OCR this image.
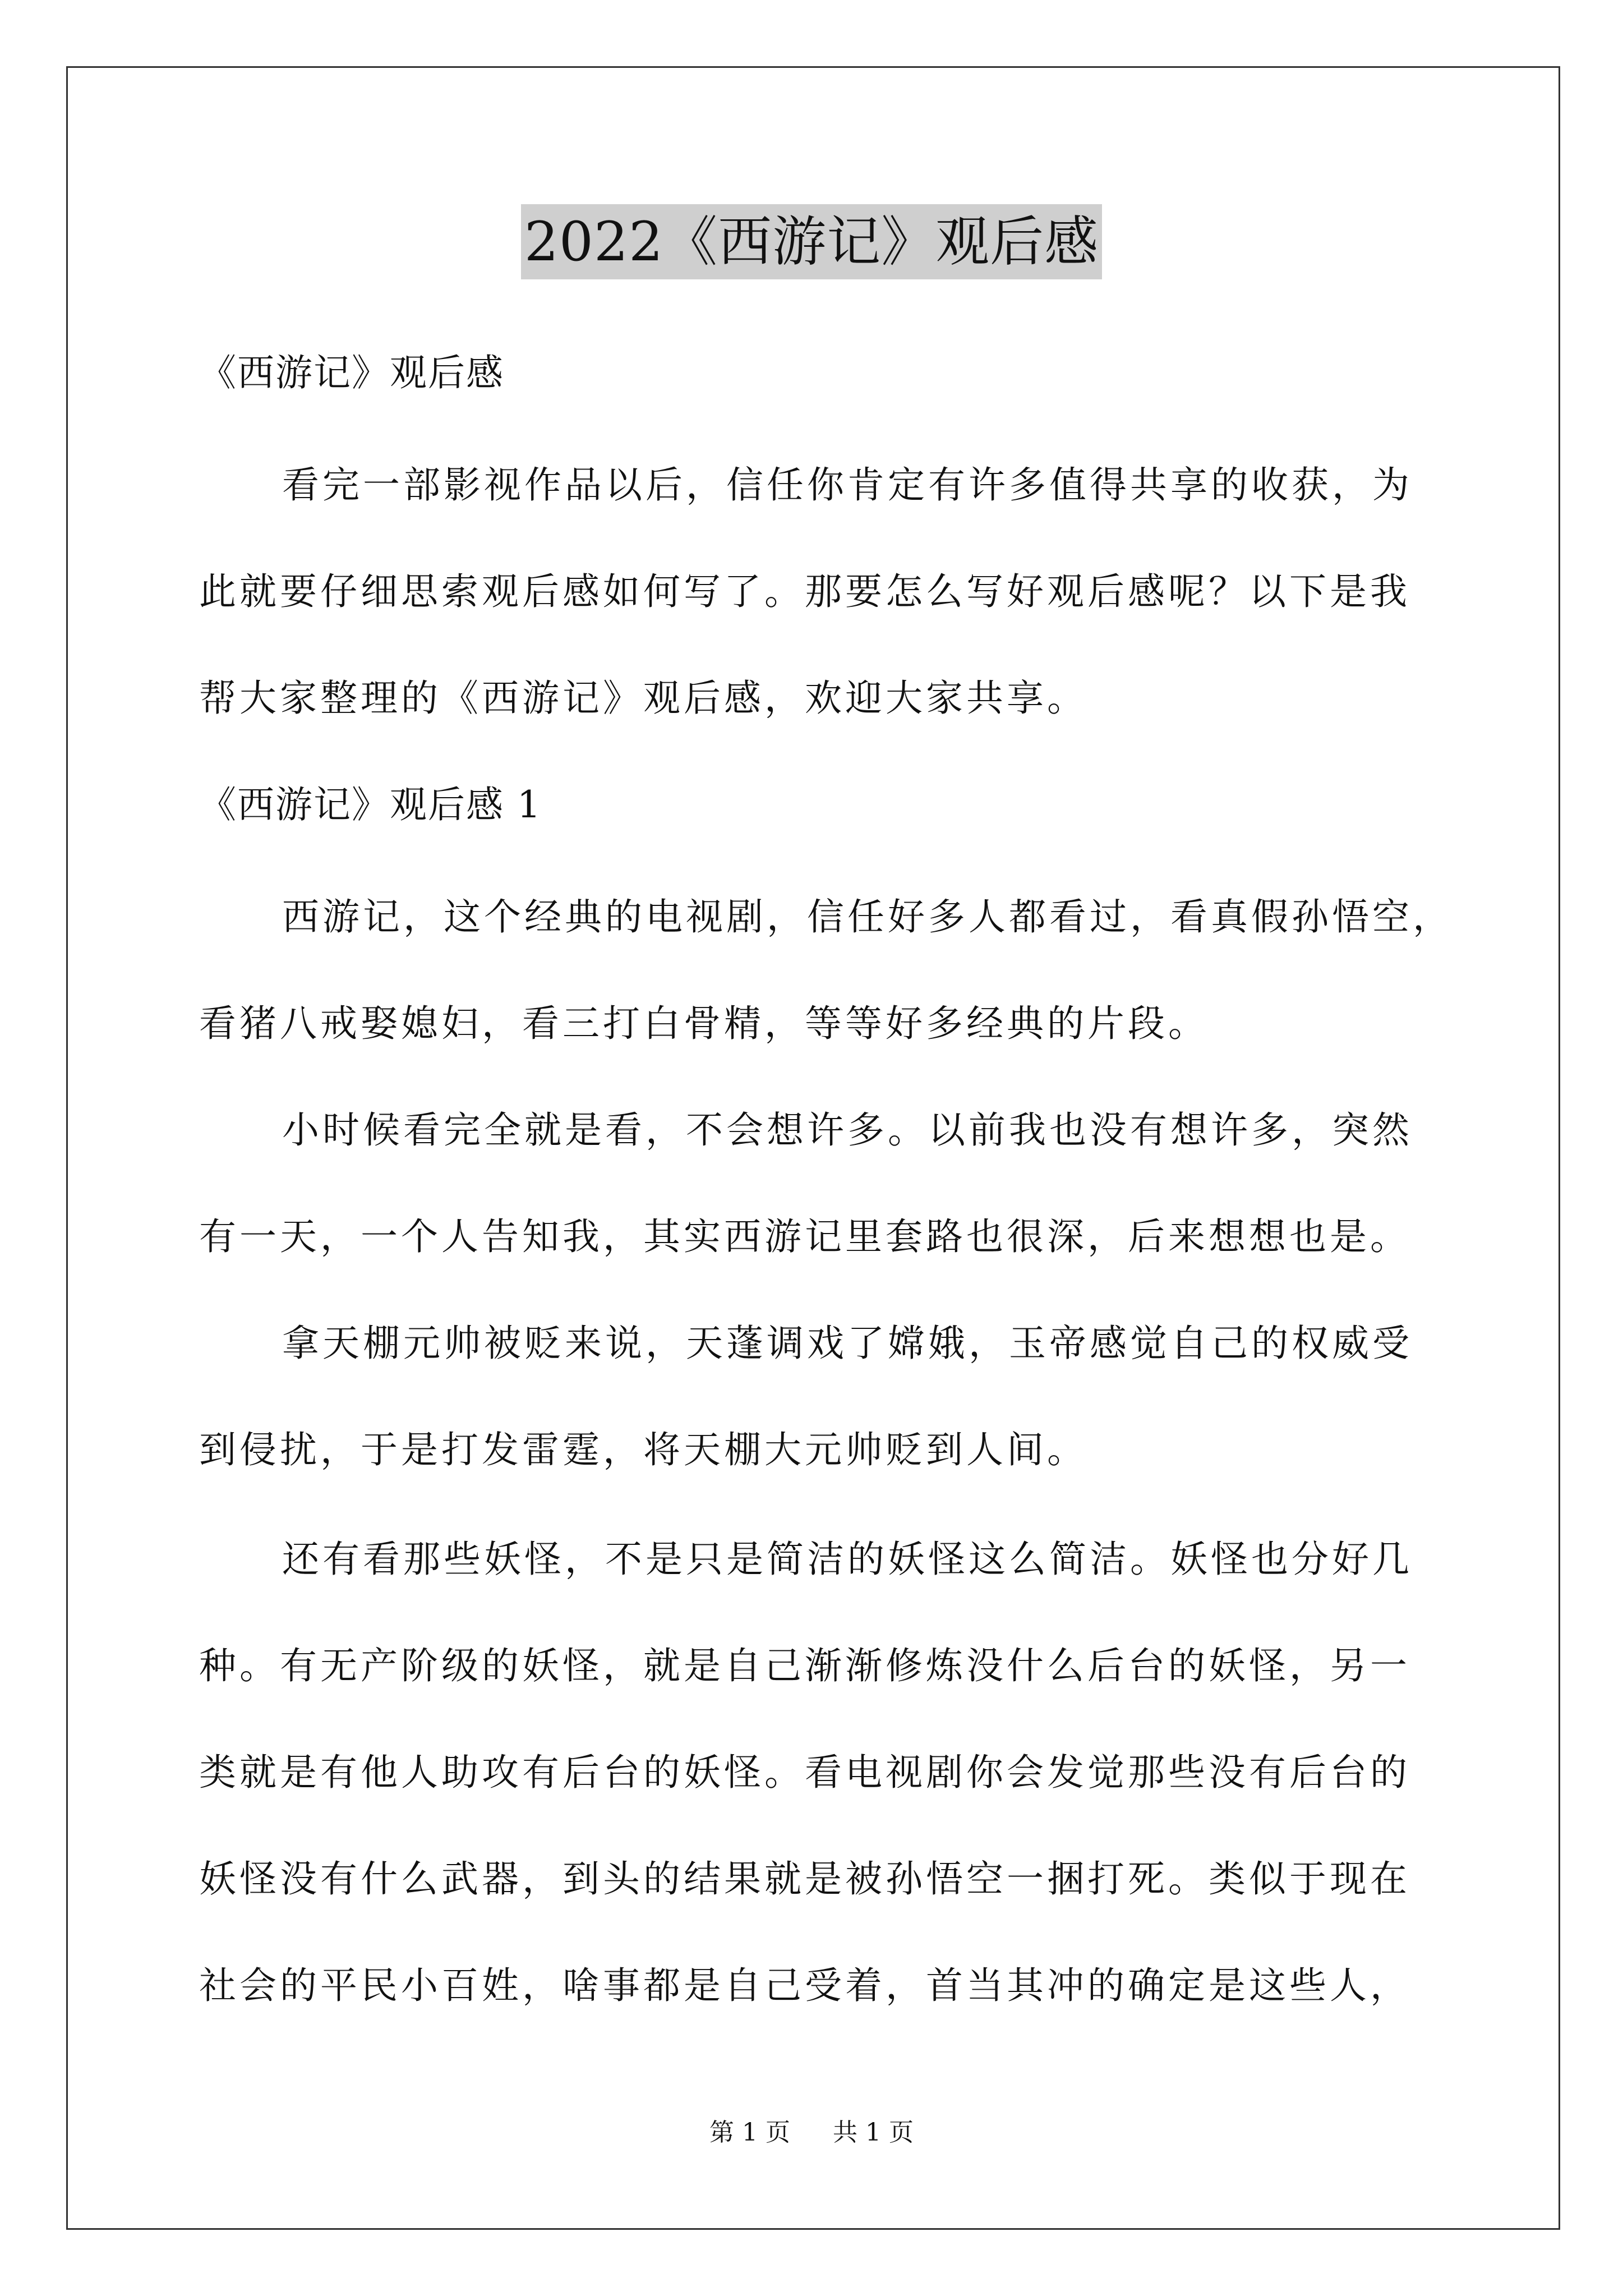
2022《西游记》观后感
《西游记》观后感
看完一部影视作品以后，信任你肯定有许多值得共享的收获，为
此就要仔细思索观后感如何写了。那要怎么写好观后感呢？以下是我
帮大家整理的《西游记》观后感，欢迎大家共享。
《西游记》观后感 1
西游记，这个经典的电视剧，信任好多人都看过，看真假孙悟空，
看猪八戒娶媳妇，看三打白骨精，等等好多经典的片段。
小时候看完全就是看，不会想许多。以前我也没有想许多，突然
有一天，一个人告知我，其实西游记里套路也很深，后来想想也是。
拿天棚元帅被贬来说，天蓬调戏了嫦娥，玉帝感觉自己的权威受
到侵扰，于是打发雷霆，将天棚大元帅贬到人间。
还有看那些妖怪，不是只是简洁的妖怪这么简洁。妖怪也分好几
种。有无产阶级的妖怪，就是自己渐渐修炼没什么后台的妖怪，另一
类就是有他人助攻有后台的妖怪。看电视剧你会发觉那些没有后台的
妖怪没有什么武器，到头的结果就是被孙悟空一捆打死。类似于现在
社会的平民小百姓，啥事都是自己受着，首当其冲的确定是这些人，
第 1 页 共 1 页
